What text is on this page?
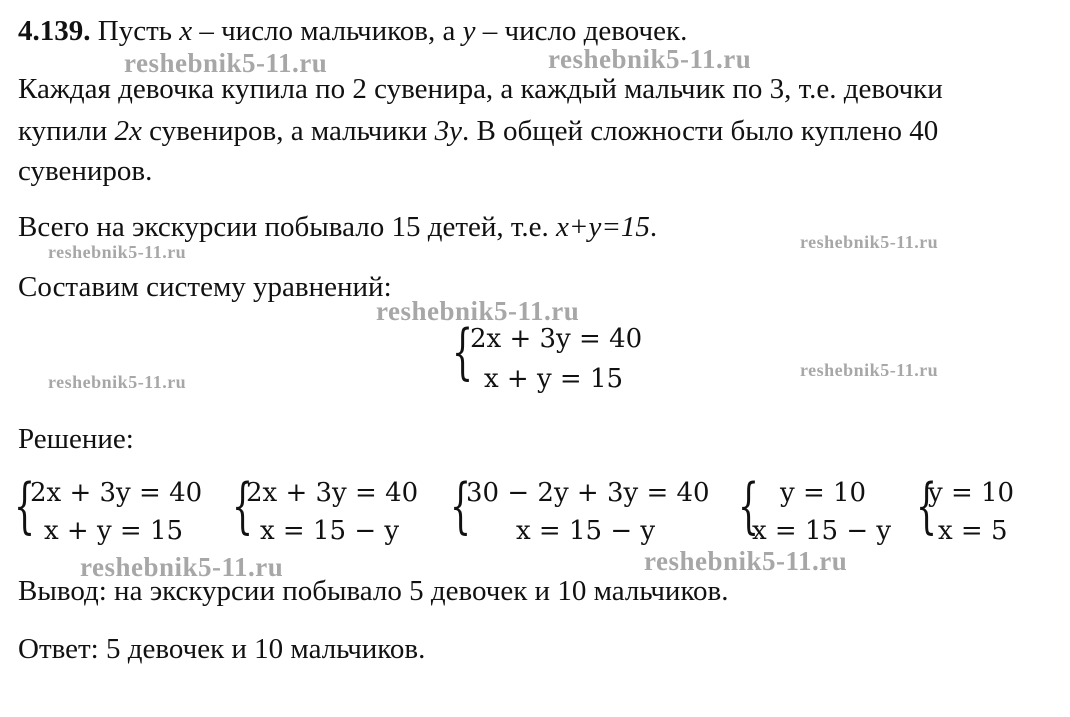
4.139. Пусть x – число мальчиков, а y – число девочек.
Каждая девочка купила по 2 сувенира, а каждый мальчик по 3, т.е. девочки
купили 2x сувениров, а мальчики 3y. В общей сложности было куплено 40
сувениров.
Всего на экскурсии побывало 15 детей, т.е. x+y=15.
Составим систему уравнений:
{
2x + 3y = 40
x + y = 15
Решение:
{
2x + 3y = 40
x + y = 15 {
2x + 3y = 40
x = 15 − y {
30 − 2y + 3y = 40
x = 15 − y { y = 10
x = 15 − y {
y = 10
x = 5
Вывод: на экскурсии побывало 5 девочек и 10 мальчиков.
Ответ: 5 девочек и 10 мальчиков.
reshebnik5-11.ru	reshebnik5-11.ru
reshebnik5-11.ru	reshebnik5-11.ru
reshebnik5-11.ru
reshebnik5-11.ru
reshebnik5-11.ru
reshebnik5-11.ru	reshebnik5-11.ru
